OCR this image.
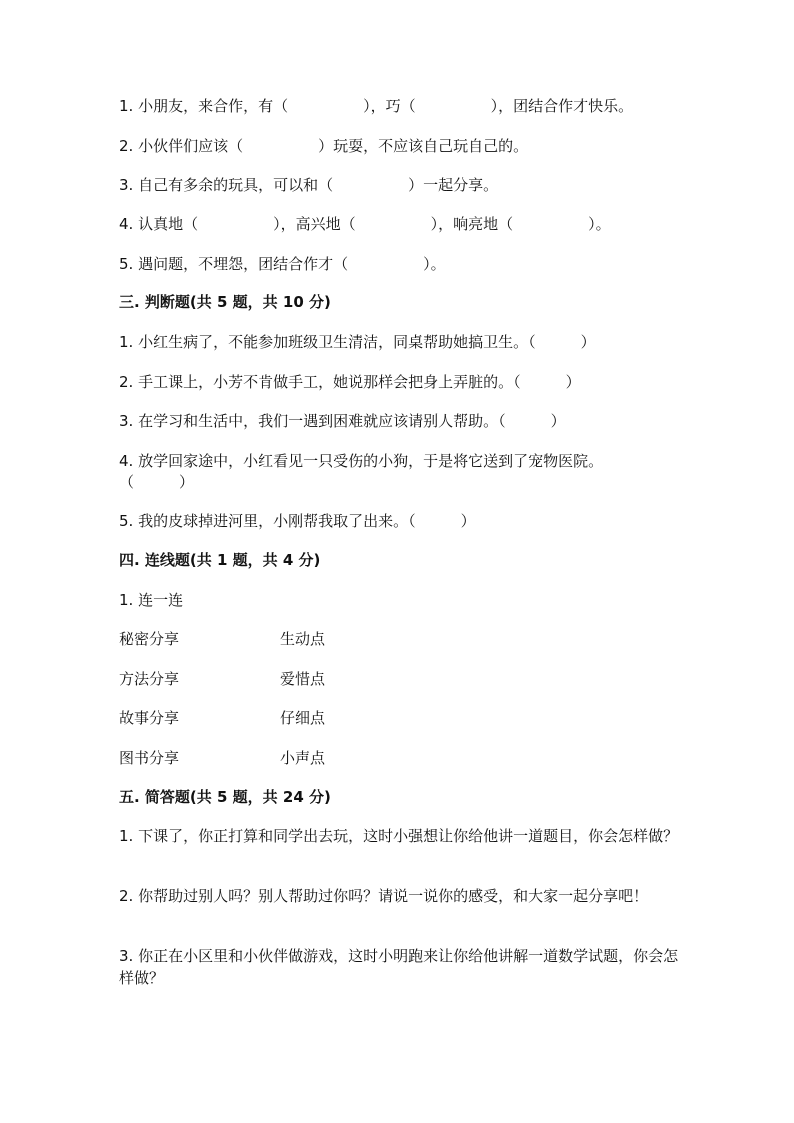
1. 小朋友，来合作，有（　　　　　），巧（　　　　　），团结合作才快乐。
2. 小伙伴们应该（　　　　　）玩耍，不应该自己玩自己的。
3. 自己有多余的玩具，可以和（　　　　　）一起分享。
4. 认真地（　　　　　），高兴地（　　　　　），响亮地（　　　　　）。
5. 遇问题，不埋怨，团结合作才（　　　　　）。
三. 判断题(共 5 题，共 10 分)
1. 小红生病了，不能参加班级卫生清洁，同桌帮助她搞卫生。（　　　）
2. 手工课上，小芳不肯做手工，她说那样会把身上弄脏的。（　　　）
3. 在学习和生活中，我们一遇到困难就应该请别人帮助。（　　　）
4. 放学回家途中，小红看见一只受伤的小狗，于是将它送到了宠物医院。
（　　　）
5. 我的皮球掉进河里，小刚帮我取了出来。（　　　）
四. 连线题(共 1 题，共 4 分)
1. 连一连
秘密分享	生动点
方法分享	爱惜点
故事分享	仔细点
图书分享	小声点
五. 简答题(共 5 题，共 24 分)
1. 下课了，你正打算和同学出去玩，这时小强想让你给他讲一道题目，你会怎样做？
2. 你帮助过别人吗？别人帮助过你吗？请说一说你的感受，和大家一起分享吧！
3. 你正在小区里和小伙伴做游戏，这时小明跑来让你给他讲解一道数学试题，你会怎样做？
